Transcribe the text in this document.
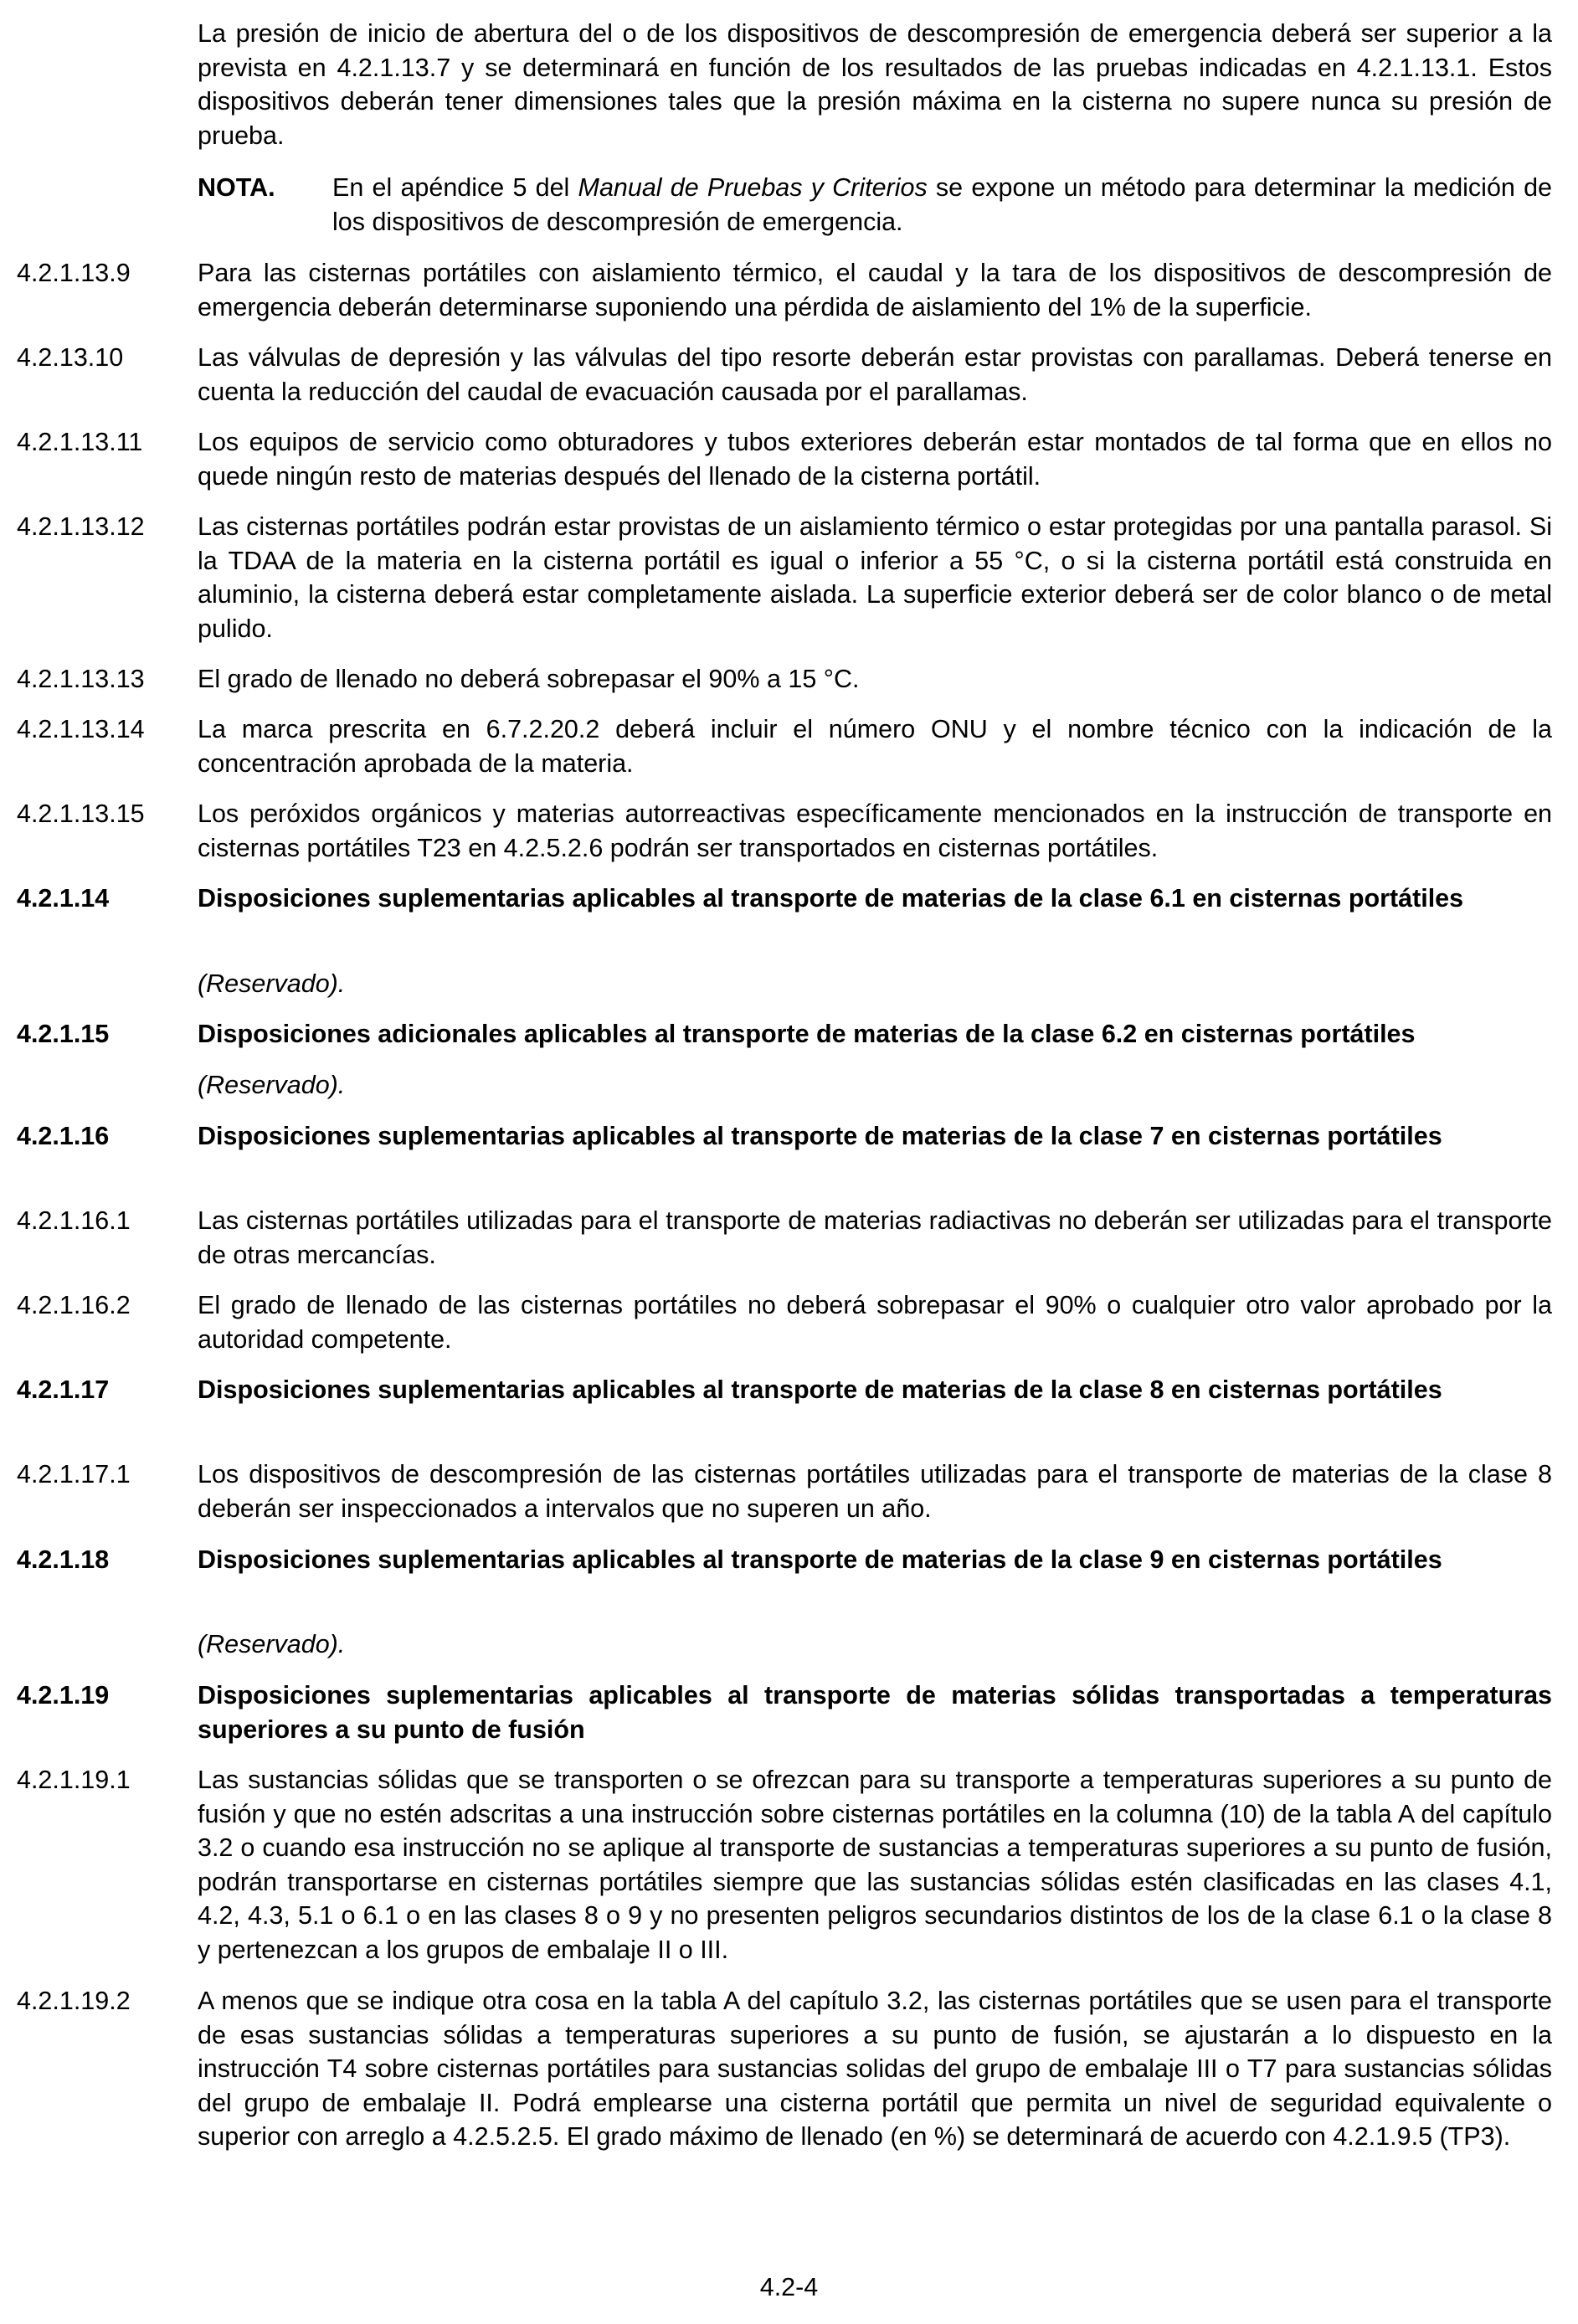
La presión de inicio de abertura del o de los dispositivos de descompresión de emergencia deberá ser superior a la prevista en 4.2.1.13.7 y se determinará en función de los resultados de las pruebas indicadas en 4.2.1.13.1. Estos dispositivos deberán tener dimensiones tales que la presión máxima en la cisterna no supere nunca su presión de prueba.
NOTA. En el apéndice 5 del Manual de Pruebas y Criterios se expone un método para determinar la medición de los dispositivos de descompresión de emergencia.
4.2.1.13.9	Para las cisternas portátiles con aislamiento térmico, el caudal y la tara de los dispositivos de descompresión de emergencia deberán determinarse suponiendo una pérdida de aislamiento del 1% de la superficie.
4.2.13.10	Las válvulas de depresión y las válvulas del tipo resorte deberán estar provistas con parallamas. Deberá tenerse en cuenta la reducción del caudal de evacuación causada por el parallamas.
4.2.1.13.11	Los equipos de servicio como obturadores y tubos exteriores deberán estar montados de tal forma que en ellos no quede ningún resto de materias después del llenado de la cisterna portátil.
4.2.1.13.12	Las cisternas portátiles podrán estar provistas de un aislamiento térmico o estar protegidas por una pantalla parasol. Si la TDAA de la materia en la cisterna portátil es igual o inferior a 55 °C, o si la cisterna portátil está construida en aluminio, la cisterna deberá estar completamente aislada. La superficie exterior deberá ser de color blanco o de metal pulido.
4.2.1.13.13	El grado de llenado no deberá sobrepasar el 90% a 15 °C.
4.2.1.13.14	La marca prescrita en 6.7.2.20.2 deberá incluir el número ONU y el nombre técnico con la indicación de la concentración aprobada de la materia.
4.2.1.13.15	Los peróxidos orgánicos y materias autorreactivas específicamente mencionados en la instrucción de transporte en cisternas portátiles T23 en 4.2.5.2.6 podrán ser transportados en cisternas portátiles.
4.2.1.14	Disposiciones suplementarias aplicables al transporte de materias de la clase 6.1 en cisternas portátiles
(Reservado).
4.2.1.15	Disposiciones adicionales aplicables al transporte de materias de la clase 6.2 en cisternas portátiles
(Reservado).
4.2.1.16	Disposiciones suplementarias aplicables al transporte de materias de la clase 7 en cisternas portátiles
4.2.1.16.1	Las cisternas portátiles utilizadas para el transporte de materias radiactivas no deberán ser utilizadas para el transporte de otras mercancías.
4.2.1.16.2	El grado de llenado de las cisternas portátiles no deberá sobrepasar el 90% o cualquier otro valor aprobado por la autoridad competente.
4.2.1.17	Disposiciones suplementarias aplicables al transporte de materias de la clase 8 en cisternas portátiles
4.2.1.17.1	Los dispositivos de descompresión de las cisternas portátiles utilizadas para el transporte de materias de la clase 8 deberán ser inspeccionados a intervalos que no superen un año.
4.2.1.18	Disposiciones suplementarias aplicables al transporte de materias de la clase 9 en cisternas portátiles
(Reservado).
4.2.1.19	Disposiciones suplementarias aplicables al transporte de materias sólidas transportadas a temperaturas superiores a su punto de fusión
4.2.1.19.1	Las sustancias sólidas que se transporten o se ofrezcan para su transporte a temperaturas superiores a su punto de fusión y que no estén adscritas a una instrucción sobre cisternas portátiles en la columna (10) de la tabla A del capítulo 3.2 o cuando esa instrucción no se aplique al transporte de sustancias a temperaturas superiores a su punto de fusión, podrán transportarse en cisternas portátiles siempre que las sustancias sólidas estén clasificadas en las clases 4.1, 4.2, 4.3, 5.1 o 6.1 o en las clases 8 o 9 y no presenten peligros secundarios distintos de los de la clase 6.1 o la clase 8 y pertenezcan a los grupos de embalaje II o III.
4.2.1.19.2	A menos que se indique otra cosa en la tabla A del capítulo 3.2, las cisternas portátiles que se usen para el transporte de esas sustancias sólidas a temperaturas superiores a su punto de fusión, se ajustarán a lo dispuesto en la instrucción T4 sobre cisternas portátiles para sustancias solidas del grupo de embalaje III o T7 para sustancias sólidas del grupo de embalaje II. Podrá emplearse una cisterna portátil que permita un nivel de seguridad equivalente o superior con arreglo a 4.2.5.2.5. El grado máximo de llenado (en %) se determinará de acuerdo con 4.2.1.9.5 (TP3).
4.2-4
